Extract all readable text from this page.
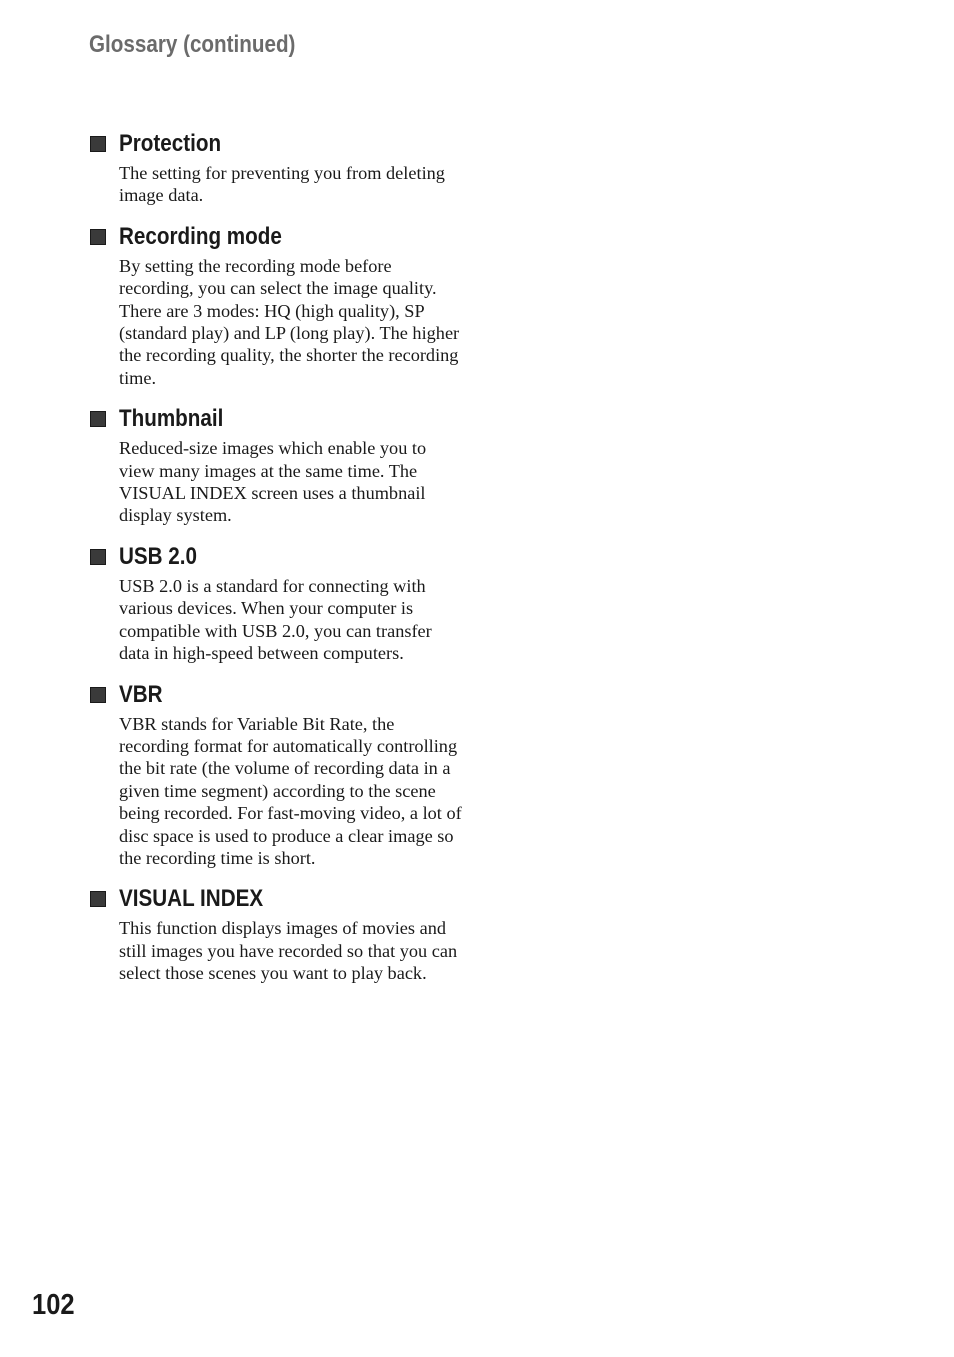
Glossary (continued)
Protection
The setting for preventing you from deleting image data.
Recording mode
By setting the recording mode before recording, you can select the image quality. There are 3 modes: HQ (high quality), SP (standard play) and LP (long play). The higher the recording quality, the shorter the recording time.
Thumbnail
Reduced-size images which enable you to view many images at the same time. The VISUAL INDEX screen uses a thumbnail display system.
USB 2.0
USB 2.0 is a standard for connecting with various devices. When your computer is compatible with USB 2.0, you can transfer data in high-speed between computers.
VBR
VBR stands for Variable Bit Rate, the recording format for automatically controlling the bit rate (the volume of recording data in a given time segment) according to the scene being recorded. For fast-moving video, a lot of disc space is used to produce a clear image so the recording time is short.
VISUAL INDEX
This function displays images of movies and still images you have recorded so that you can select those scenes you want to play back.
102
